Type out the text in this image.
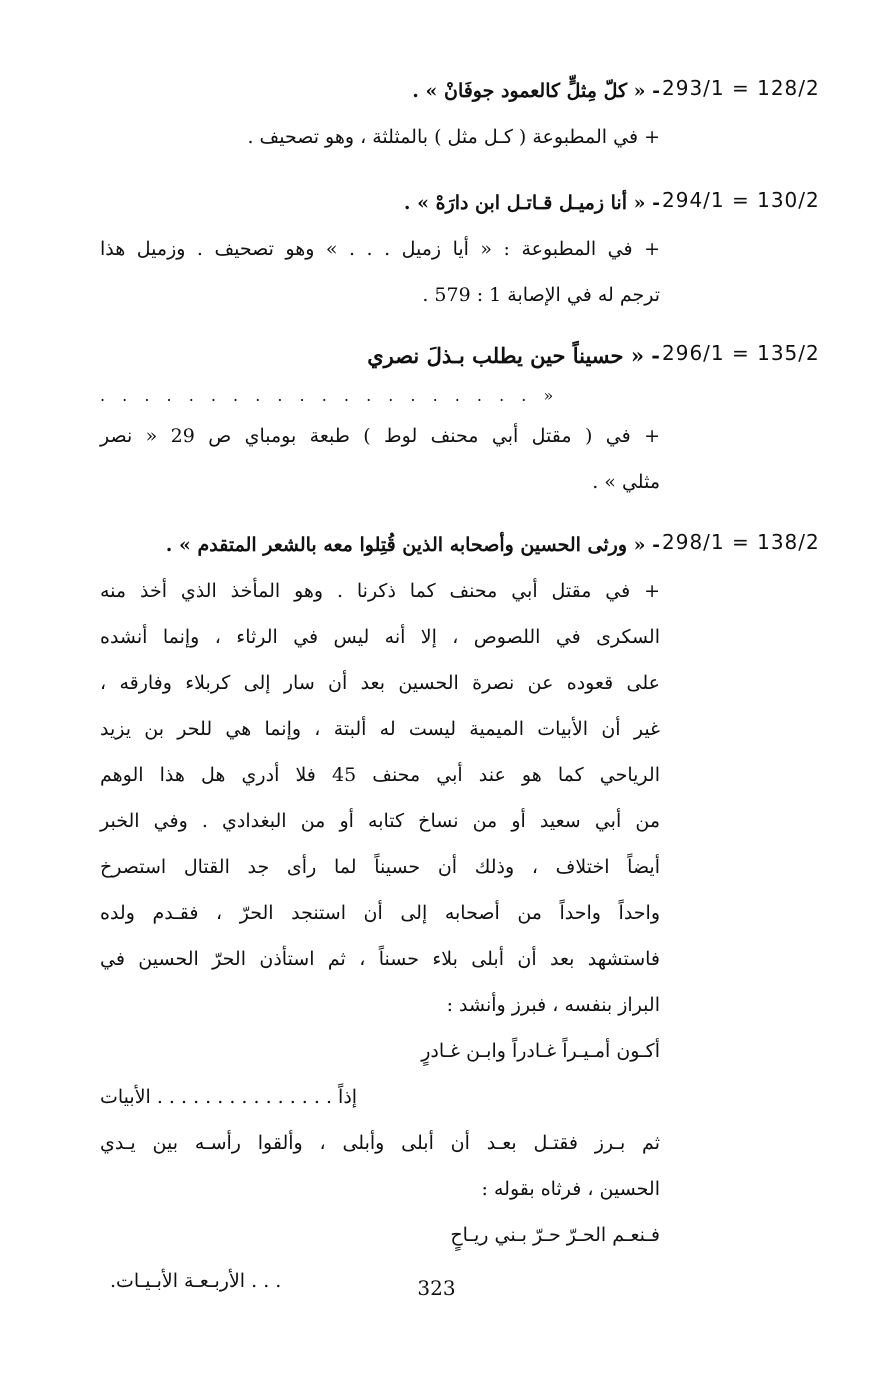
293/1 = 128/2
- « كلّ مِثلٍّ كالعمود جوفَانْ » .
+ في المطبوعة ( كـل مثل ) بالمثلثة ، وهو تصحيف .
294/1 = 130/2
- « أنا زميـل قـاتـل ابن دارَهْ » .
+ في المطبوعة : « أيا زميل . . . » وهو تصحيف . وزميل هذا
ترجم له في الإصابة 1 : 579 .
296/1 = 135/2
- « حسيناً حين يطلب بـذلَ نصري
. . . . . . . . . . . . . . . . . . . . »
+ في ( مقتل أبي محنف لوط ) طبعة بومباي ص 29 « نصر
مثلي » .
298/1 = 138/2
- « ورثى الحسين وأصحابه الذين قُتِلوا معه بالشعر المتقدم » .
+ في مقتل أبي محنف كما ذكرنا . وهو المأخذ الذي أخذ منه
السكرى في اللصوص ، إلا أنه ليس في الرثاء ، وإنما أنشده
على قعوده عن نصرة الحسين بعد أن سار إلى كربلاء وفارقه ،
غير أن الأبيات الميمية ليست له ألبتة ، وإنما هي للحر بن يزيد
الرياحي كما هو عند أبي محنف 45 فلا أدري هل هذا الوهم
من أبي سعيد أو من نساخ كتابه أو من البغدادي . وفي الخبر
أيضاً اختلاف ، وذلك أن حسيناً لما رأى جد القتال استصرخ
واحداً واحداً من أصحابه إلى أن استنجد الحرّ ، فقـدم ولده
فاستشهد بعد أن أبلى بلاء حسناً ، ثم استأذن الحرّ الحسين في
البراز بنفسه ، فبرز وأنشد :
أكـون أمـيـراً غـادراً وابـن غـادرٍ
إذاً . . . . . . . . . . . . . . . الأبيات
ثم بـرز فقتـل بعـد أن أبلى وأبلى ، وألقوا رأسـه بين يـدي
الحسين ، فرثاه بقوله :
فـنعـم الحـرّ حـرّ بـني ريـاحٍ
. . . الأربـعـة الأبـيـات.	323
